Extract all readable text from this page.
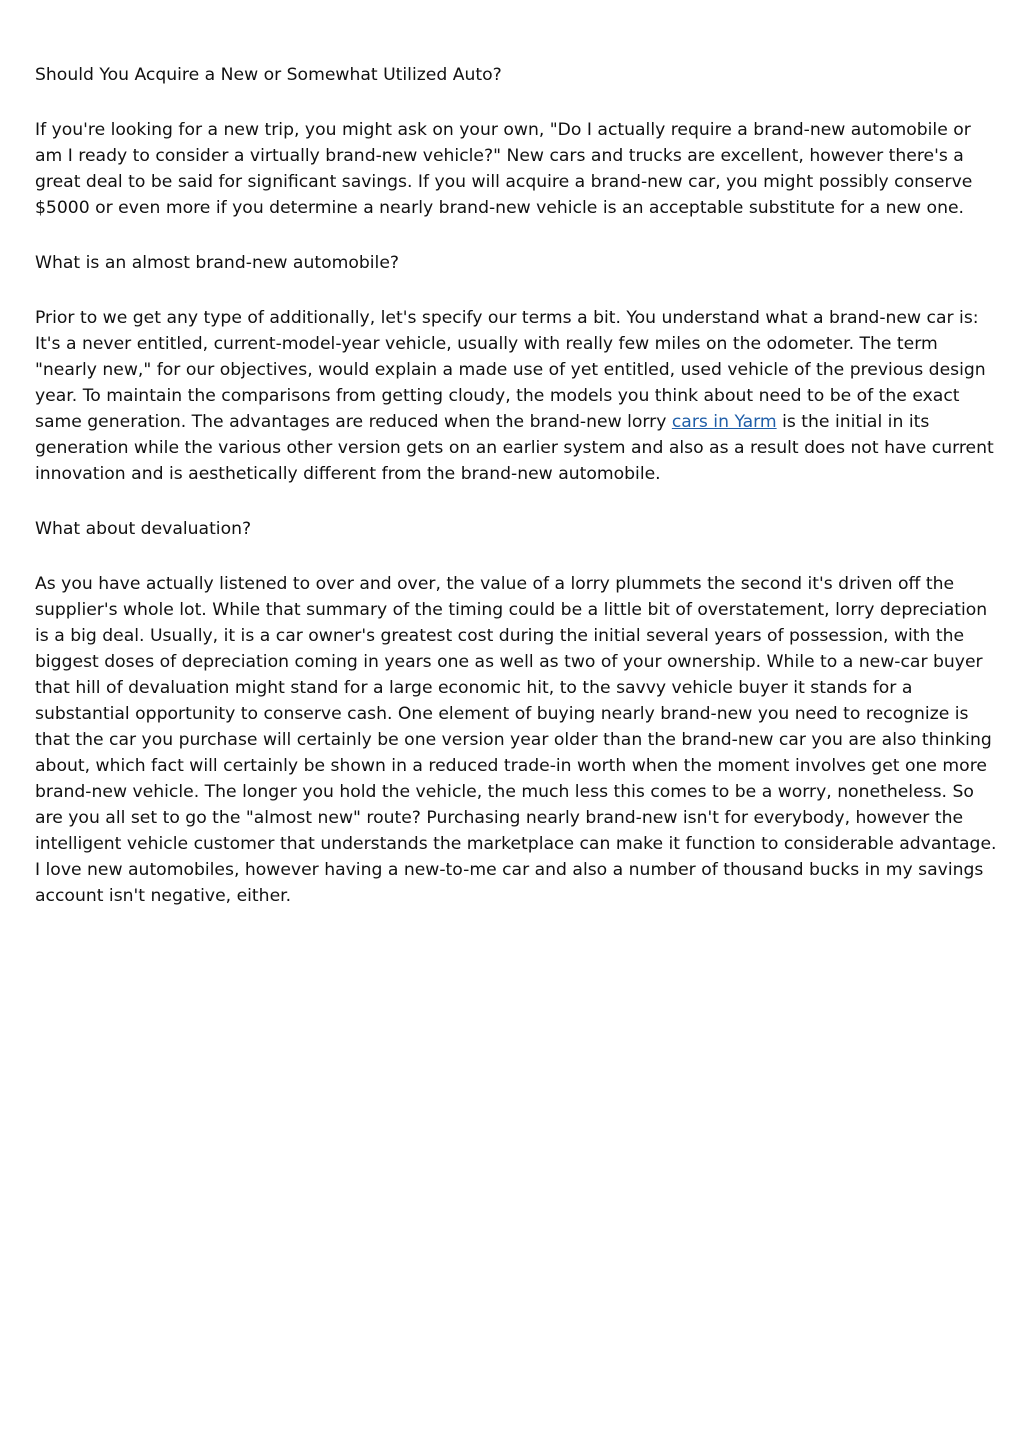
Should You Acquire a New or Somewhat Utilized Auto?

If you're looking for a new trip, you might ask on your own, "Do I actually require a brand-new automobile or am I ready to consider a virtually brand-new vehicle?" New cars and trucks are excellent, however there's a great deal to be said for significant savings. If you will acquire a brand-new car, you might possibly conserve $5000 or even more if you determine a nearly brand-new vehicle is an acceptable substitute for a new one.

What is an almost brand-new automobile?

Prior to we get any type of additionally, let's specify our terms a bit. You understand what a brand-new car is: It's a never entitled, current-model-year vehicle, usually with really few miles on the odometer. The term "nearly new," for our objectives, would explain a made use of yet entitled, used vehicle of the previous design year. To maintain the comparisons from getting cloudy, the models you think about need to be of the exact same generation. The advantages are reduced when the brand-new lorry cars in Yarm is the initial in its generation while the various other version gets on an earlier system and also as a result does not have current innovation and is aesthetically different from the brand-new automobile.

What about devaluation?

As you have actually listened to over and over, the value of a lorry plummets the second it's driven off the supplier's whole lot. While that summary of the timing could be a little bit of overstatement, lorry depreciation is a big deal. Usually, it is a car owner's greatest cost during the initial several years of possession, with the biggest doses of depreciation coming in years one as well as two of your ownership. While to a new-car buyer that hill of devaluation might stand for a large economic hit, to the savvy vehicle buyer it stands for a substantial opportunity to conserve cash. One element of buying nearly brand-new you need to recognize is that the car you purchase will certainly be one version year older than the brand-new car you are also thinking about, which fact will certainly be shown in a reduced trade-in worth when the moment involves get one more brand-new vehicle. The longer you hold the vehicle, the much less this comes to be a worry, nonetheless. So are you all set to go the "almost new" route? Purchasing nearly brand-new isn't for everybody, however the intelligent vehicle customer that understands the marketplace can make it function to considerable advantage. I love new automobiles, however having a new-to-me car and also a number of thousand bucks in my savings account isn't negative, either.
